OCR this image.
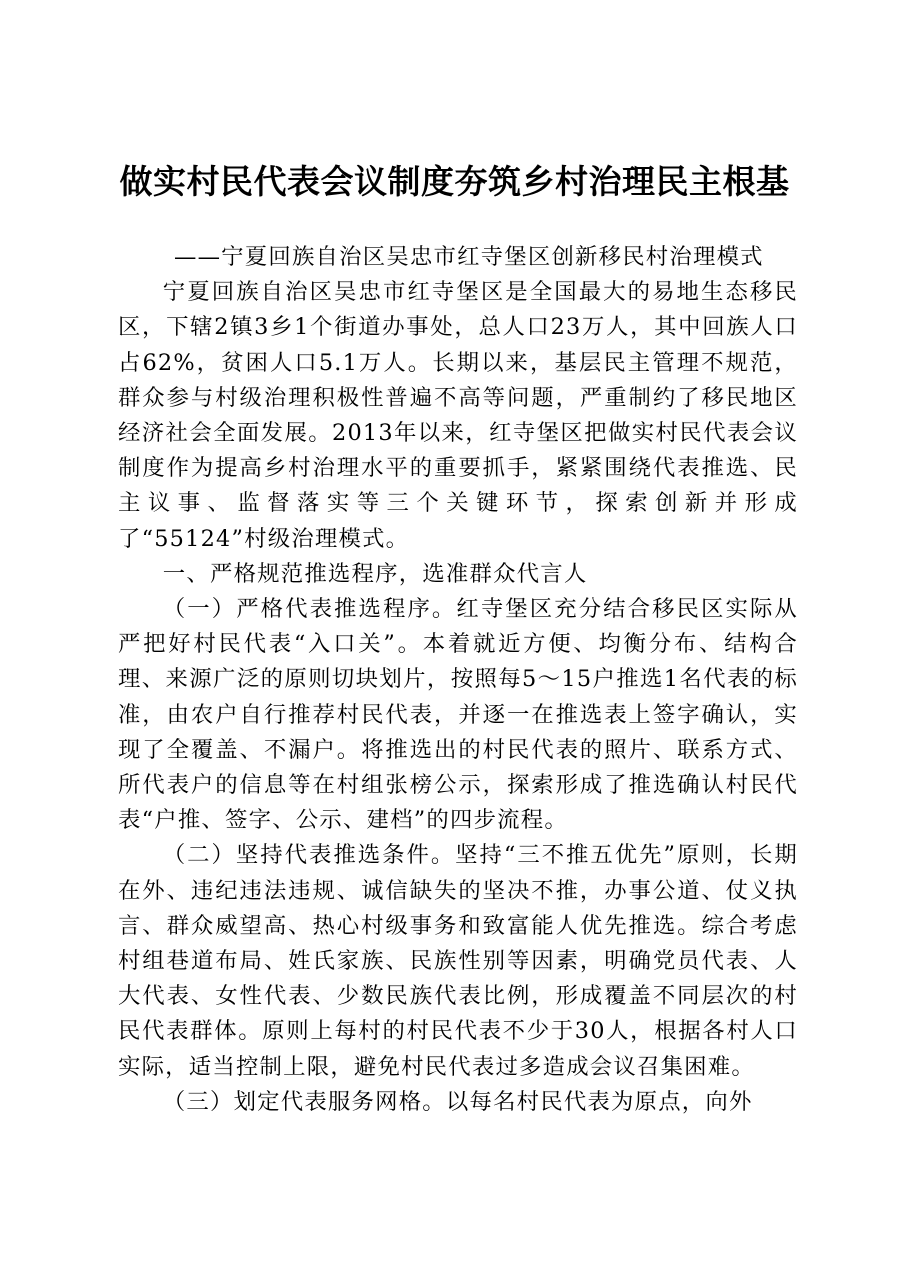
做实村民代表会议制度夯筑乡村治理民主根基

——宁夏回族自治区吴忠市红寺堡区创新移民村治理模式

宁夏回族自治区吴忠市红寺堡区是全国最大的易地生态移民区，下辖2镇3乡1个街道办事处，总人口23万人，其中回族人口占62%，贫困人口5.1万人。长期以来，基层民主管理不规范，群众参与村级治理积极性普遍不高等问题，严重制约了移民地区经济社会全面发展。2013年以来，红寺堡区把做实村民代表会议制度作为提高乡村治理水平的重要抓手，紧紧围绕代表推选、民主议事、监督落实等三个关键环节，探索创新并形成了“55124”村级治理模式。

一、严格规范推选程序，选准群众代言人

（一）严格代表推选程序。红寺堡区充分结合移民区实际从严把好村民代表“入口关”。本着就近方便、均衡分布、结构合理、来源广泛的原则切块划片，按照每5～15户推选1名代表的标准，由农户自行推荐村民代表，并逐一在推选表上签字确认，实现了全覆盖、不漏户。将推选出的村民代表的照片、联系方式、所代表户的信息等在村组张榜公示，探索形成了推选确认村民代表“户推、签字、公示、建档”的四步流程。

（二）坚持代表推选条件。坚持“三不推五优先”原则，长期在外、违纪违法违规、诚信缺失的坚决不推，办事公道、仗义执言、群众威望高、热心村级事务和致富能人优先推选。综合考虑村组巷道布局、姓氏家族、民族性别等因素，明确党员代表、人大代表、女性代表、少数民族代表比例，形成覆盖不同层次的村民代表群体。原则上每村的村民代表不少于30人，根据各村人口实际，适当控制上限，避免村民代表过多造成会议召集困难。

（三）划定代表服务网格。以每名村民代表为原点，向外
